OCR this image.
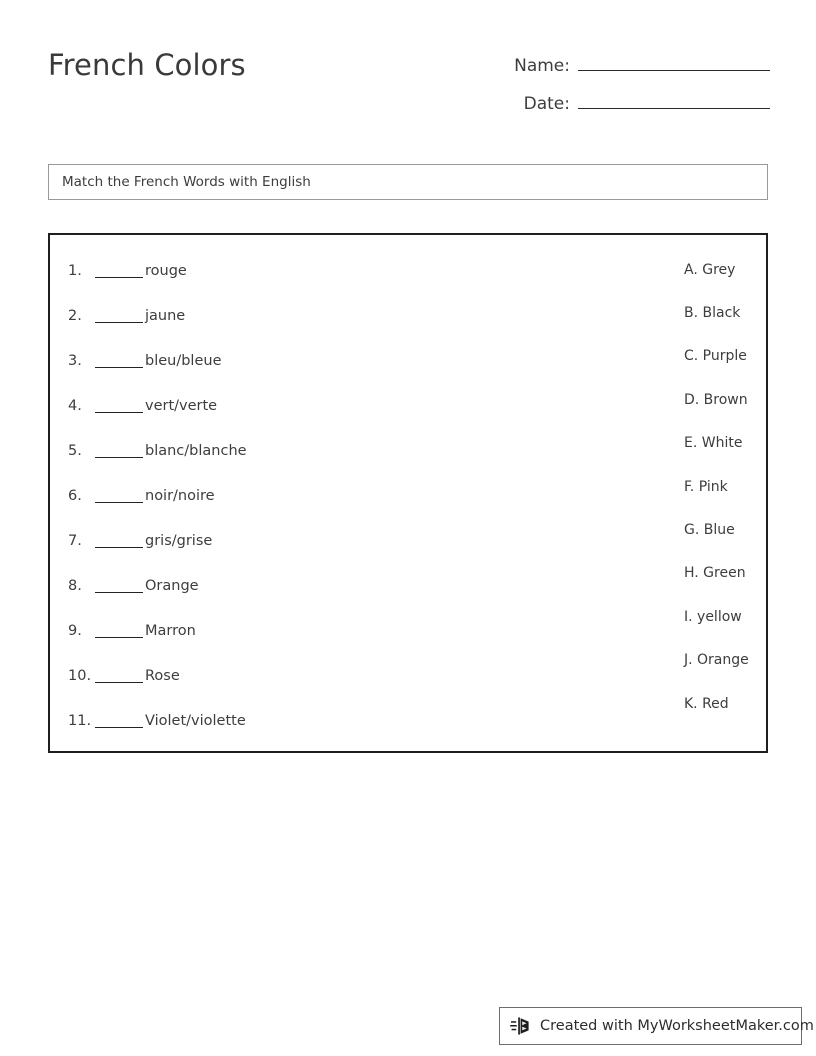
French Colors	Name:
Date:
Match the French Words with English
1.	rouge
2.	jaune
3.	bleu/bleue
4.	vert/verte
5.	blanc/blanche
6.	noir/noire
7.	gris/grise
8.	Orange
9.	Marron
10.	Rose
11.	Violet/violette
A. Grey
B. Black
C. Purple
D. Brown
E. White
F. Pink
G. Blue
H. Green
I. yellow
J. Orange
K. Red
Created with MyWorksheetMaker.com
